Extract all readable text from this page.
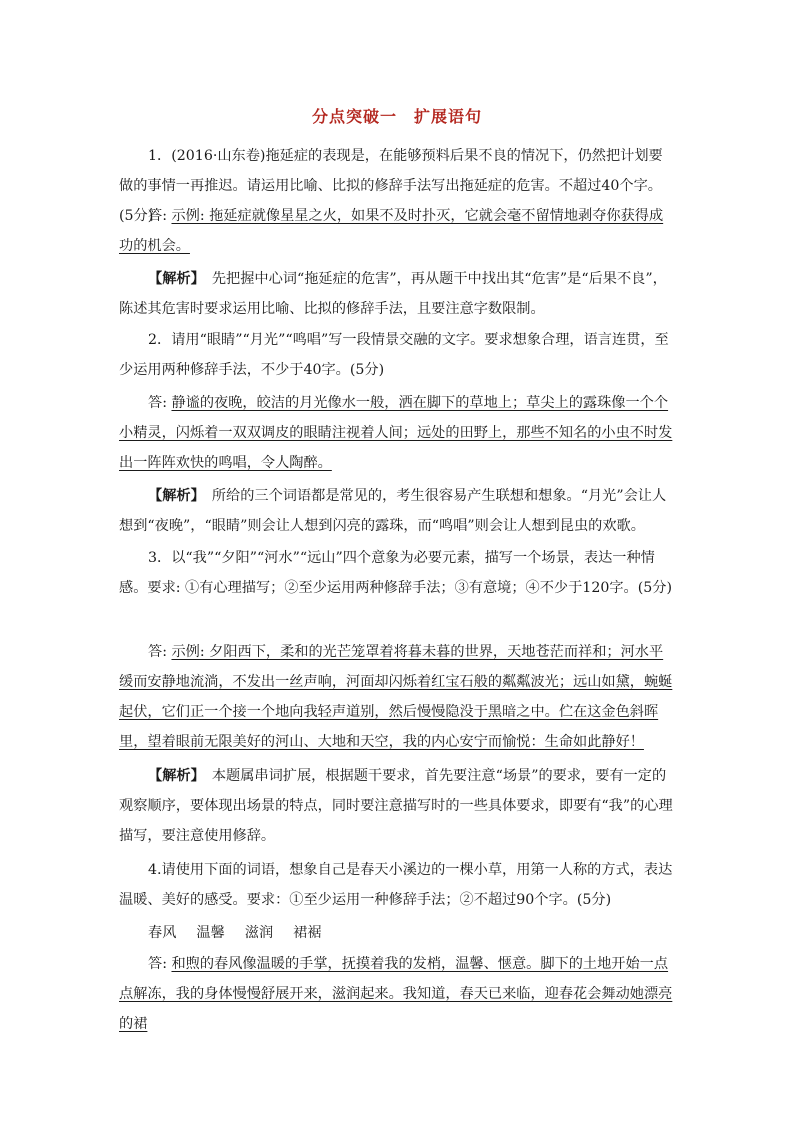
分点突破一　扩展语句
1．(2016·山东卷)拖延症的表现是，在能够预料后果不良的情况下，仍然把计划要做的事情一再推迟。请运用比喻、比拟的修辞手法写出拖延症的危害。不超过40个字。(5分)
答: 示例: 拖延症就像星星之火，如果不及时扑灭，它就会毫不留情地剥夺你获得成功的机会。
【解析】　先把握中心词“拖延症的危害”，再从题干中找出其“危害”是“后果不良”，陈述其危害时要求运用比喻、比拟的修辞手法，且要注意字数限制。
2．请用“眼睛”“月光”“鸣唱”写一段情景交融的文字。要求想象合理，语言连贯，至少运用两种修辞手法，不少于40字。(5分)
答: 静谧的夜晚，皎洁的月光像水一般，洒在脚下的草地上；草尖上的露珠像一个个小精灵，闪烁着一双双调皮的眼睛注视着人间；远处的田野上，那些不知名的小虫不时发出一阵阵欢快的鸣唱，令人陶醉。
【解析】　所给的三个词语都是常见的，考生很容易产生联想和想象。“月光”会让人想到“夜晚”，“眼睛”则会让人想到闪亮的露珠，而“鸣唱”则会让人想到昆虫的欢歌。
3．以“我”“夕阳”“河水”“远山”四个意象为必要元素，描写一个场景，表达一种情感。要求: ①有心理描写；②至少运用两种修辞手法；③有意境；④不少于120字。(5分)
答: 示例: 夕阳西下，柔和的光芒笼罩着将暮未暮的世界，天地苍茫而祥和；河水平缓而安静地流淌，不发出一丝声响，河面却闪烁着红宝石般的粼粼波光；远山如黛，蜿蜒起伏，它们正一个接一个地向我轻声道别，然后慢慢隐没于黑暗之中。伫在这金色斜晖里，望着眼前无限美好的河山、大地和天空，我的内心安宁而愉悦：生命如此静好！
【解析】　本题属串词扩展，根据题干要求，首先要注意“场景”的要求，要有一定的观察顺序，要体现出场景的特点，同时要注意描写时的一些具体要求，即要有“我”的心理描写，要注意使用修辞。
4.请使用下面的词语，想象自己是春天小溪边的一棵小草，用第一人称的方式，表达温暖、美好的感受。要求：①至少运用一种修辞手法；②不超过90个字。(5分)
春风 温馨 滋润 裙裾
答: 和煦的春风像温暖的手掌，抚摸着我的发梢，温馨、惬意。脚下的土地开始一点点解冻，我的身体慢慢舒展开来，滋润起来。我知道，春天已来临，迎春花会舞动她漂亮的裙
